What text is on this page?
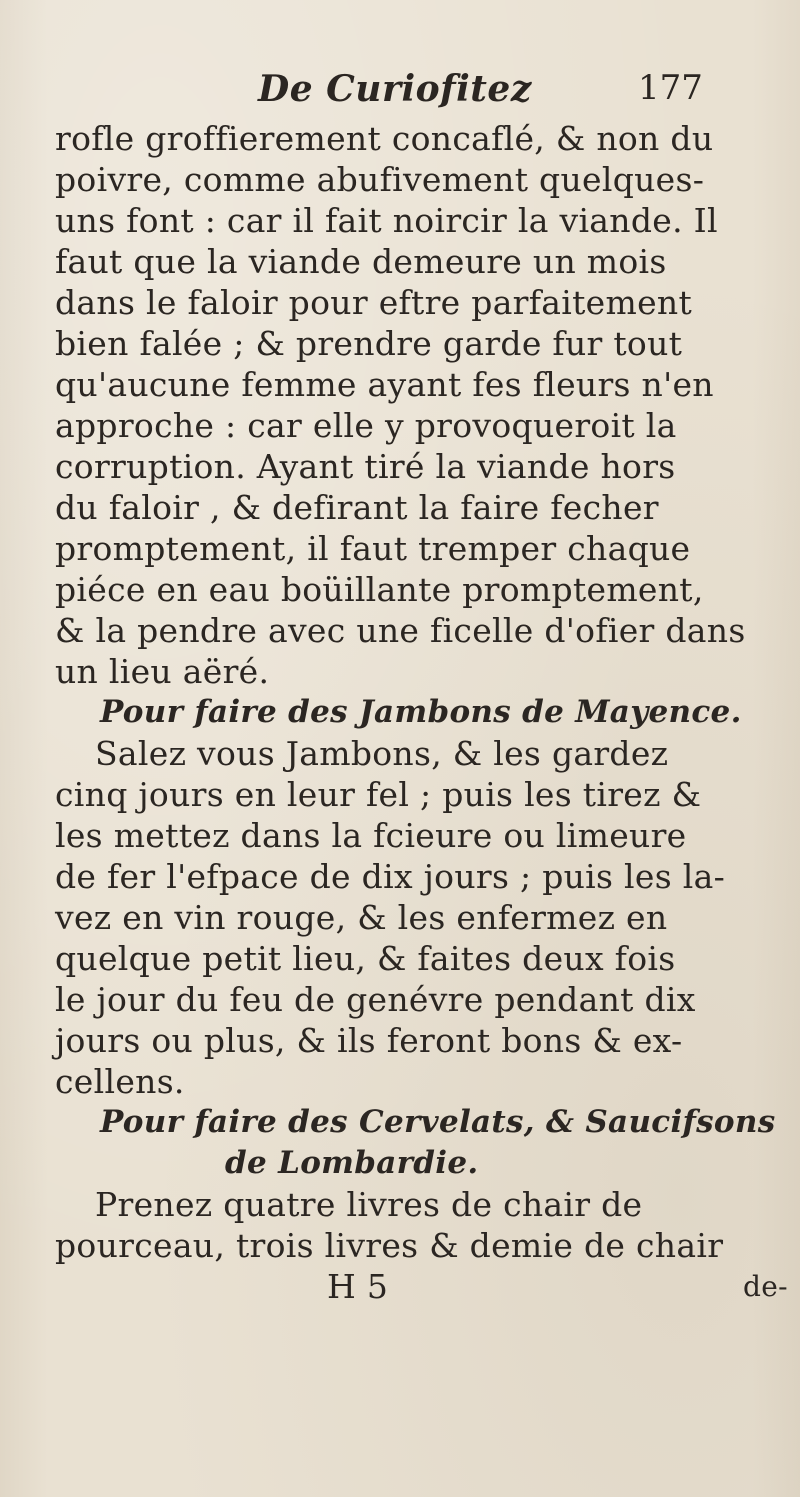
De Curiofitez	177
rofle groffierement concaflé, & non du
poivre, comme abufivement quelques-
uns font : car il fait noircir la viande. Il
faut que la viande demeure un mois
dans le faloir pour eftre parfaitement
bien falée ; & prendre garde fur tout
qu'aucune femme ayant fes fleurs n'en
approche : car elle y provoqueroit la
corruption. Ayant tiré la viande hors
du faloir , & defirant la faire fecher
promptement, il faut tremper chaque
piéce en eau boüillante promptement,
& la pendre avec une ficelle d'ofier dans
un lieu aëré.
Pour faire des Jambons de Mayence.
Salez vous Jambons, & les gardez
cinq jours en leur fel ; puis les tirez &
les mettez dans la fcieure ou limeure
de fer l'efpace de dix jours ; puis les la-
vez en vin rouge, & les enfermez en
quelque petit lieu, & faites deux fois
le jour du feu de genévre pendant dix
jours ou plus, & ils feront bons & ex-
cellens.
Pour faire des Cervelats, & Saucifsons
de Lombardie.
Prenez quatre livres de chair de
pourceau, trois livres & demie de chair
H 5	de-
